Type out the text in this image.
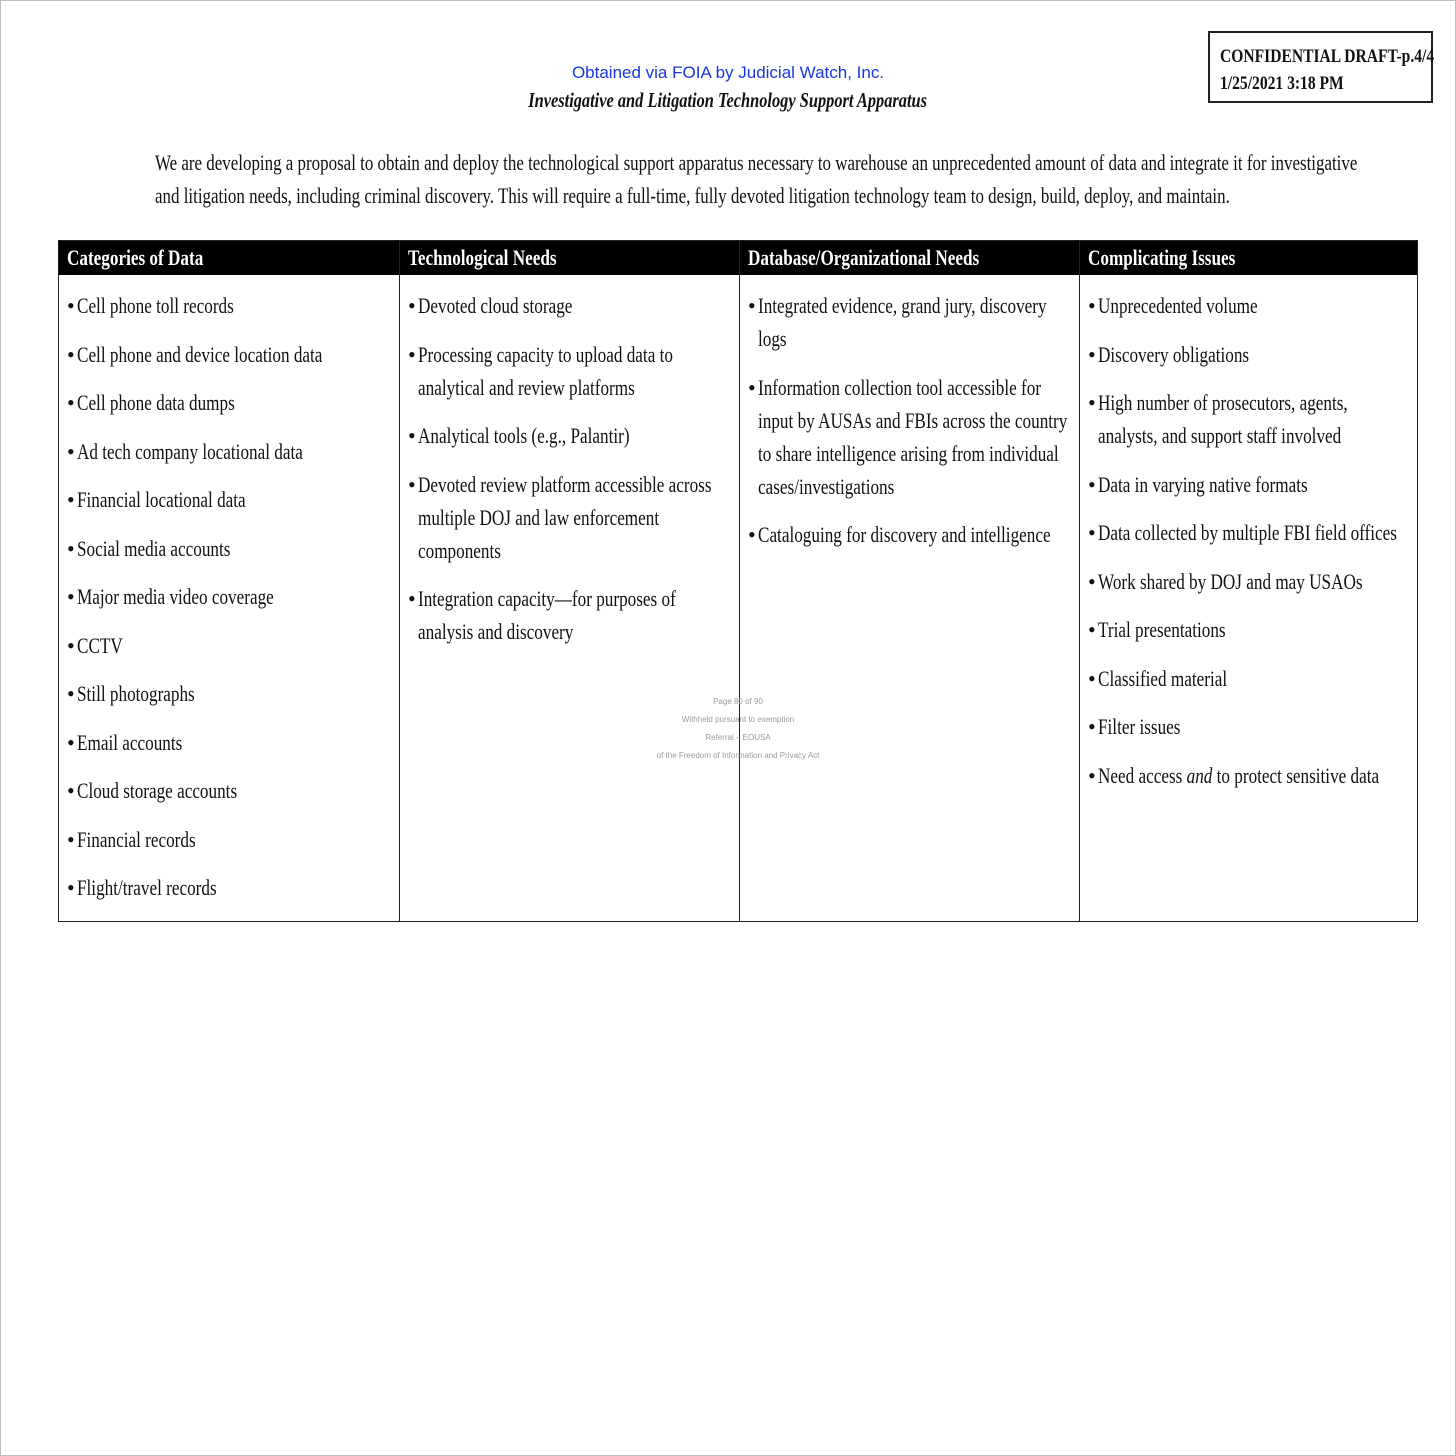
CONFIDENTIAL DRAFT-p.4/4
1/25/2021 3:18 PM
Obtained via FOIA by Judicial Watch, Inc.
Investigative and Litigation Technology Support Apparatus
We are developing a proposal to obtain and deploy the technological support apparatus necessary to warehouse an unprecedented amount of data and integrate it for investigative
and litigation needs, including criminal discovery. This will require a full-time, fully devoted litigation technology team to design, build, deploy, and maintain.
Categories of Data
• Cell phone toll records
• Cell phone and device location data
• Cell phone data dumps
• Ad tech company locational data
• Financial locational data
• Social media accounts
• Major media video coverage
• CCTV
• Still photographs
• Email accounts
• Cloud storage accounts
• Financial records
• Flight/travel records
Technological Needs
• Devoted cloud storage
• Processing capacity to upload data to analytical and review platforms
• Analytical tools (e.g., Palantir)
• Devoted review platform accessible across multiple DOJ and law enforcement components
• Integration capacity—for purposes of analysis and discovery
Database/Organizational Needs
• Integrated evidence, grand jury, discovery logs
• Information collection tool accessible for input by AUSAs and FBIs across the country to share intelligence arising from individual cases/investigations
• Cataloguing for discovery and intelligence
Complicating Issues
• Unprecedented volume
• Discovery obligations
• High number of prosecutors, agents, analysts, and support staff involved
• Data in varying native formats
• Data collected by multiple FBI field offices
• Work shared by DOJ and may USAOs
• Trial presentations
• Classified material
• Filter issues
• Need access and to protect sensitive data
Page 80 of 90
Withheld pursuant to exemption
Referral – EOUSA
of the Freedom of Information and Privacy Act
